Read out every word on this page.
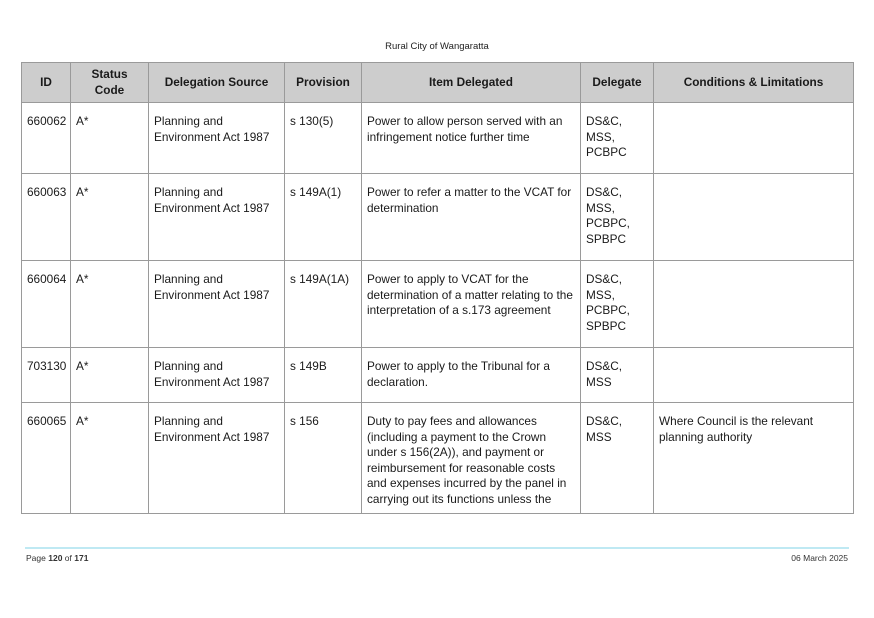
Rural City of Wangaratta
ID	Status Code	Delegation Source	Provision	Item Delegated	Delegate	Conditions & Limitations
660062	A*	Planning and Environment Act 1987	s 130(5)	Power to allow person served with an infringement notice further time	DS&C, MSS, PCBPC	
660063	A*	Planning and Environment Act 1987	s 149A(1)	Power to refer a matter to the VCAT for determination	DS&C, MSS, PCBPC, SPBPC	
660064	A*	Planning and Environment Act 1987	s 149A(1A)	Power to apply to VCAT for the determination of a matter relating to the interpretation of a s.173 agreement	DS&C, MSS, PCBPC, SPBPC	
703130	A*	Planning and Environment Act 1987	s 149B	Power to apply to the Tribunal for a declaration.	DS&C, MSS	
660065	A*	Planning and Environment Act 1987	s 156	Duty to pay fees and allowances (including a payment to the Crown under s 156(2A)), and payment or reimbursement for reasonable costs and expenses incurred by the panel in carrying out its functions unless the	DS&C, MSS	Where Council is the relevant planning authority
Page 120 of 171	06 March 2025
